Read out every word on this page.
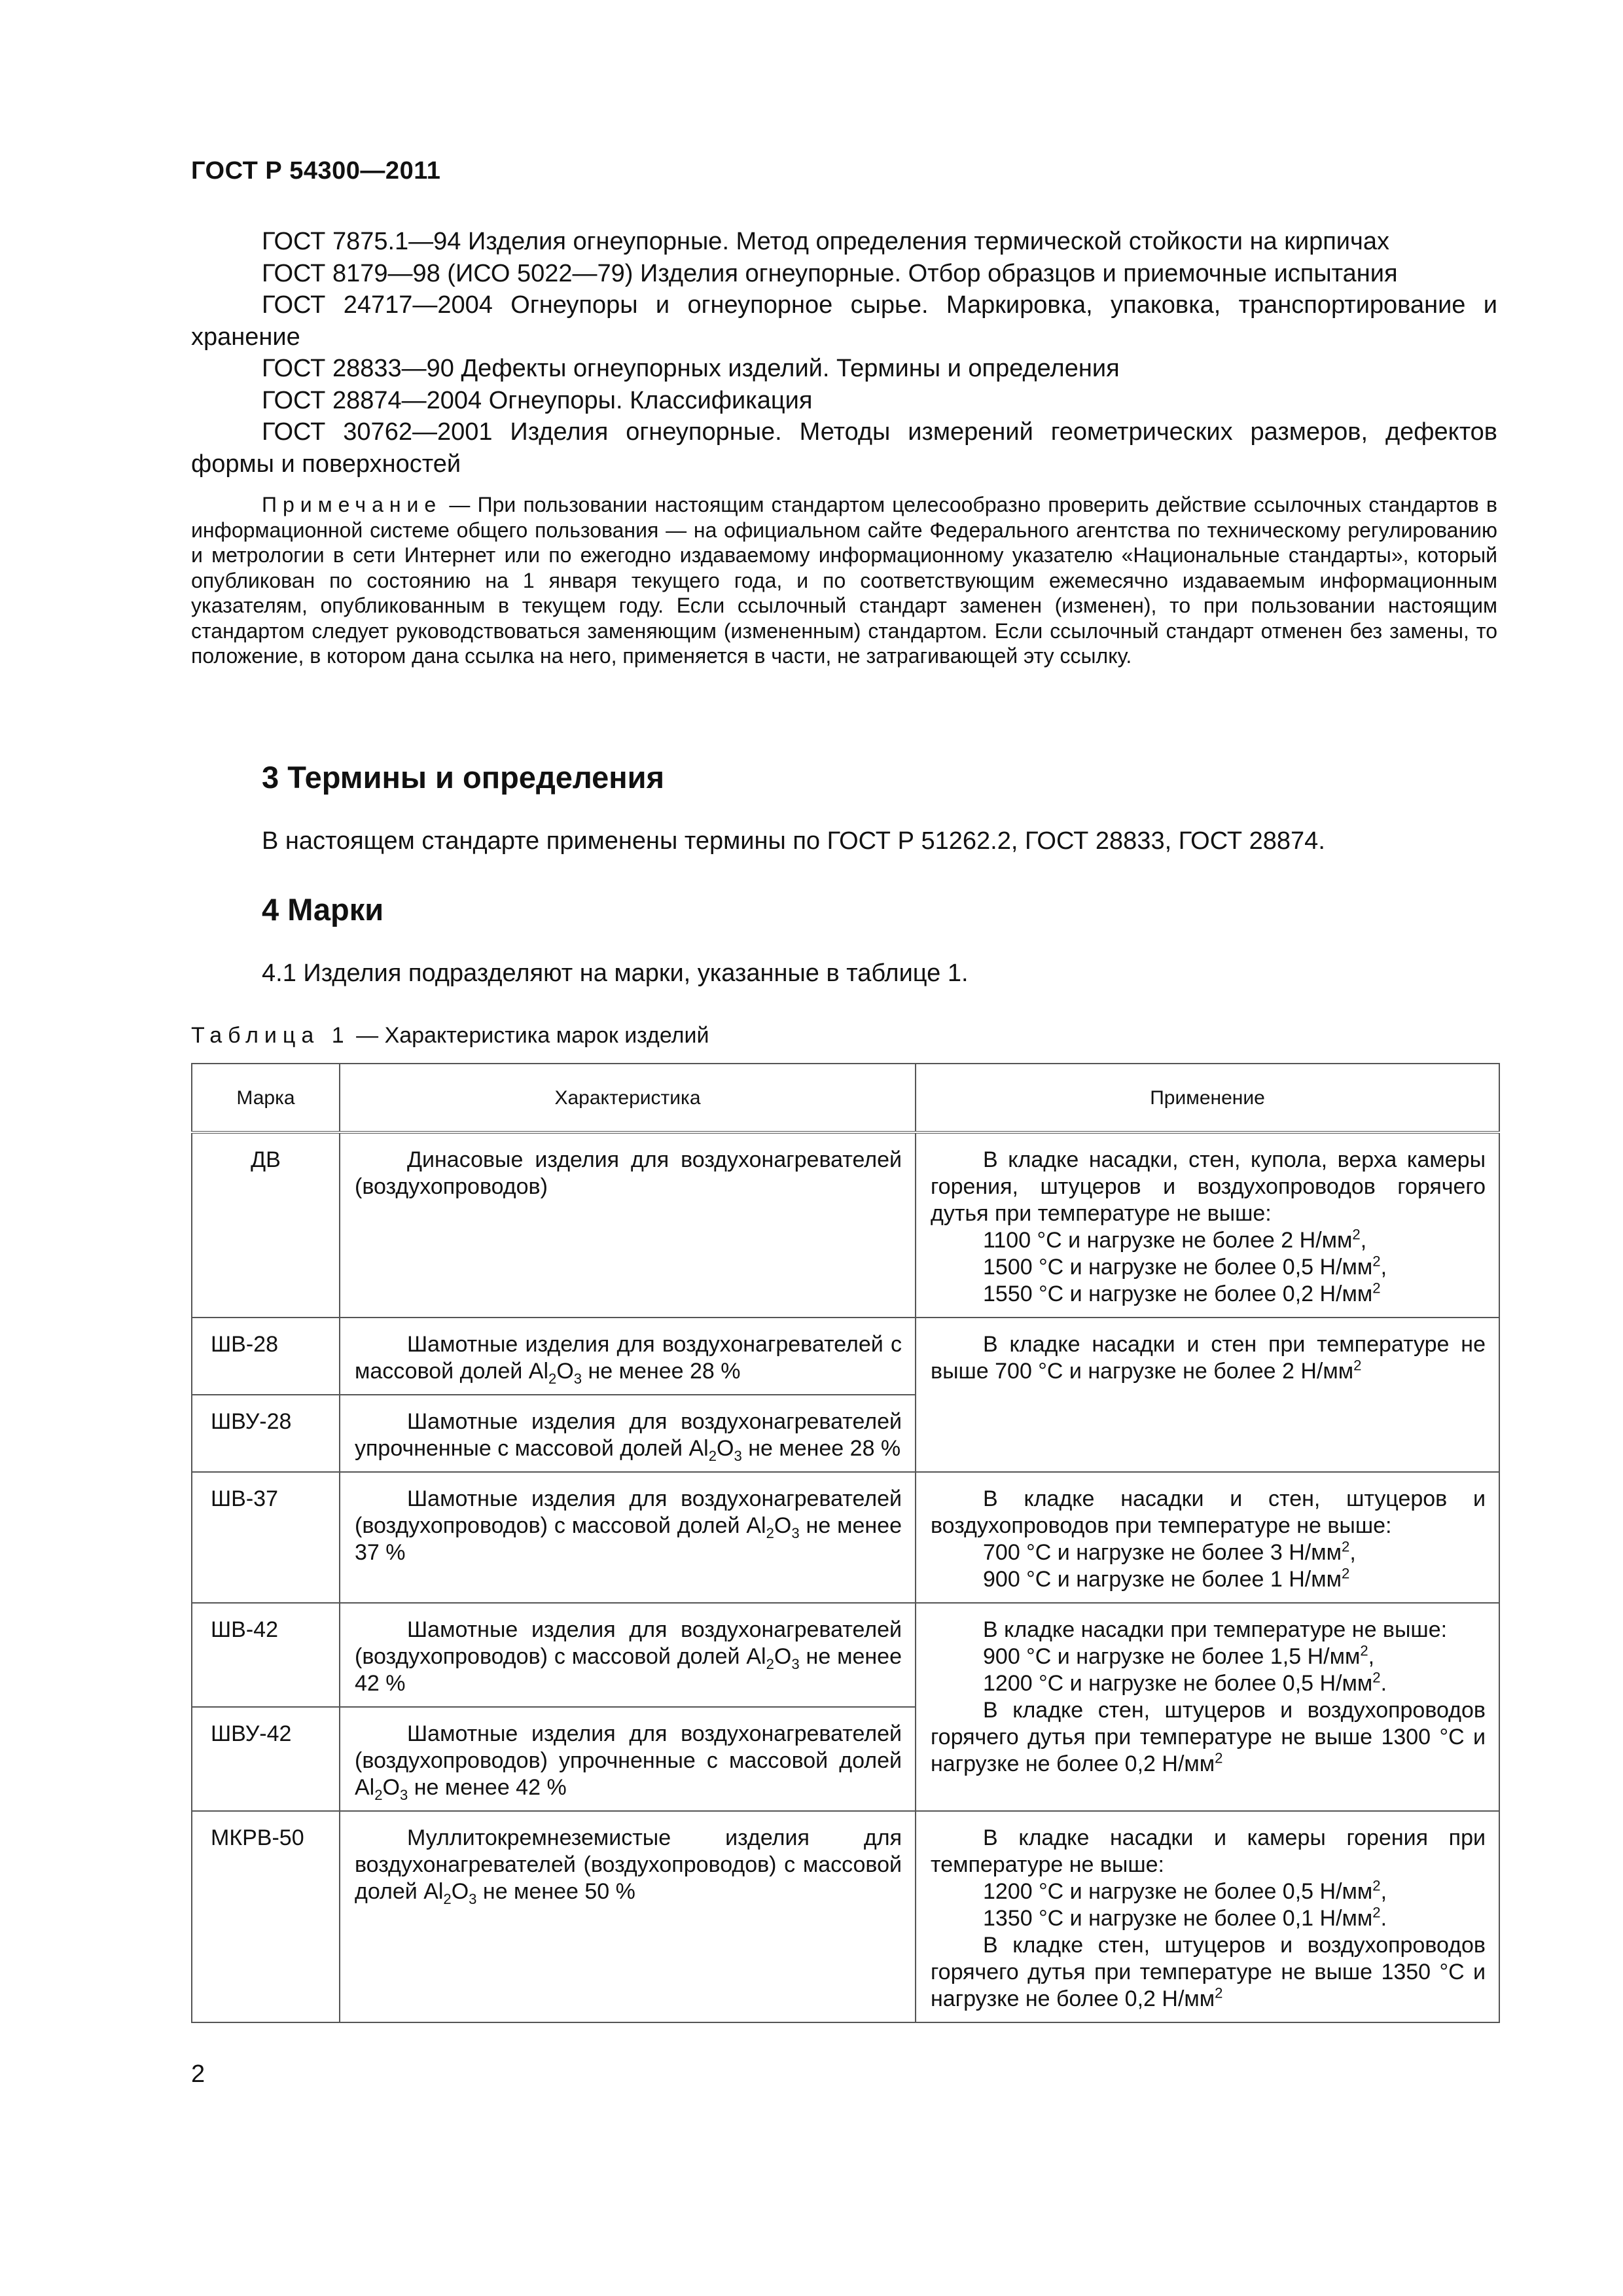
ГОСТ Р 54300—2011
ГОСТ 7875.1—94 Изделия огнеупорные. Метод определения термической стойкости на кирпичах
ГОСТ 8179—98 (ИСО 5022—79) Изделия огнеупорные. Отбор образцов и приемочные испытания
ГОСТ 24717—2004 Огнеупоры и огнеупорное сырье. Маркировка, упаковка, транспортирование и хранение
ГОСТ 28833—90 Дефекты огнеупорных изделий. Термины и определения
ГОСТ 28874—2004 Огнеупоры. Классификация
ГОСТ 30762—2001 Изделия огнеупорные. Методы измерений геометрических размеров, дефектов формы и поверхностей
Примечание — При пользовании настоящим стандартом целесообразно проверить действие ссылочных стандартов в информационной системе общего пользования — на официальном сайте Федерального агентства по техническому регулированию и метрологии в сети Интернет или по ежегодно издаваемому информационному указателю «Национальные стандарты», который опубликован по состоянию на 1 января текущего года, и по соответствующим ежемесячно издаваемым информационным указателям, опубликованным в текущем году. Если ссылочный стандарт заменен (изменен), то при пользовании настоящим стандартом следует руководствоваться заменяющим (измененным) стандартом. Если ссылочный стандарт отменен без замены, то положение, в котором дана ссылка на него, применяется в части, не затрагивающей эту ссылку.
3 Термины и определения
В настоящем стандарте применены термины по ГОСТ Р 51262.2, ГОСТ 28833, ГОСТ 28874.
4 Марки
4.1 Изделия подразделяют на марки, указанные в таблице 1.
Таблица 1 — Характеристика марок изделий
Марка	Характеристика	Применение
ДВ	Динасовые изделия для воздухонагревателей (воздухопроводов)	В кладке насадки, стен, купола, верха камеры горения, штуцеров и воздухопроводов горячего дутья при температуре не выше:
1100 °С и нагрузке не более 2 $Н/мм^2$,
1500 °С и нагрузке не более 0,5 $Н/мм^2$,
1550 °С и нагрузке не более 0,2 $Н/мм^2$

ШВ-28	Шамотные изделия для воздухонагревателей с массовой долей $Al_2O_3$ не менее 28 %	В кладке насадки и стен при температуре не выше 700 °С и нагрузке не более 2 $Н/мм^2$
ШВУ-28	Шамотные изделия для воздухонагревателей упрочненные с массовой долей $Al_2O_3$ не менее 28 %	
ШВ-37	Шамотные изделия для воздухонагревателей (воздухопроводов) с массовой долей $Al_2O_3$ не менее 37 %	В кладке насадки и стен, штуцеров и воздухопроводов при температуре не выше:
700 °С и нагрузке не более 3 $Н/мм^2$,
900 °С и нагрузке не более 1 $Н/мм^2$

ШВ-42	Шамотные изделия для воздухонагревателей (воздухопроводов) с массовой долей $Al_2O_3$ не менее 42 %	В кладке насадки при температуре не выше:
900 °С и нагрузке не более 1,5 $Н/мм^2$,
1200 °С и нагрузке не более 0,5 $Н/мм^2$.
В кладке стен, штуцеров и воздухопроводов горячего дутья при температуре не выше 1300 °С и нагрузке не более 0,2 $Н/мм^2$

ШВУ-42	Шамотные изделия для воздухонагревателей (воздухопроводов) упрочненные с массовой долей $Al_2O_3$ не менее 42 %	
МКРВ-50	Муллитокремнеземистые изделия для воздухонагревателей (воздухопроводов) с массовой долей $Al_2O_3$ не менее 50 %	В кладке насадки и камеры горения при температуре не выше:
1200 °С и нагрузке не более 0,5 $Н/мм^2$,
1350 °С и нагрузке не более 0,1 $Н/мм^2$.
В кладке стен, штуцеров и воздухопроводов горячего дутья при температуре не выше 1350 °С и нагрузке не более 0,2 $Н/мм^2$
2
